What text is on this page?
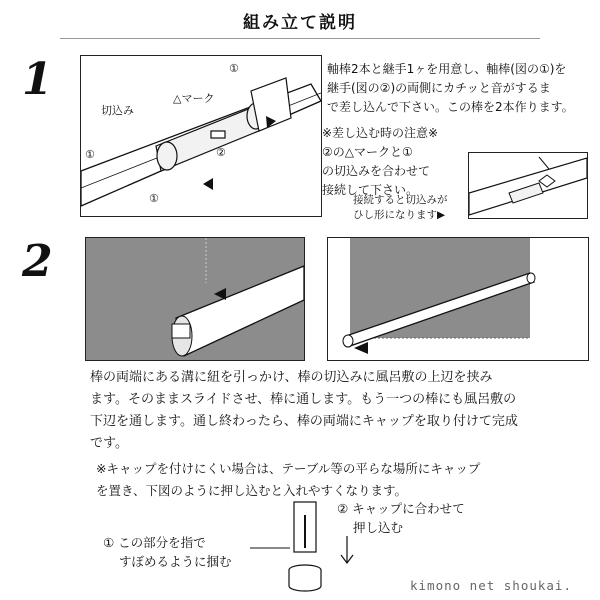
組み立て説明
1
切込み
△マーク
①
①
①
②
軸棒2本と継手1ヶを用意し、軸棒(図の①)を
継手(図の②)の両側にカチッと音がするま
で差し込んで下さい。この棒を2本作ります。
※差し込む時の注意※
②の△マークと①
の切込みを合わせて
接続して下さい。
接続すると切込みが
ひし形になります▶
2
棒の両端にある溝に紐を引っかけ、棒の切込みに風呂敷の上辺を挟み
ます。そのままスライドさせ、棒に通します。もう一つの棒にも風呂敷の
下辺を通します。通し終わったら、棒の両端にキャップを取り付けて完成
です。
※キャップを付けにくい場合は、テーブル等の平らな場所にキャップ
を置き、下図のように押し込むと入れやすくなります。
① この部分を指で
すぼめるように掴む
② キャップに合わせて
押し込む
kimono net shoukai.
